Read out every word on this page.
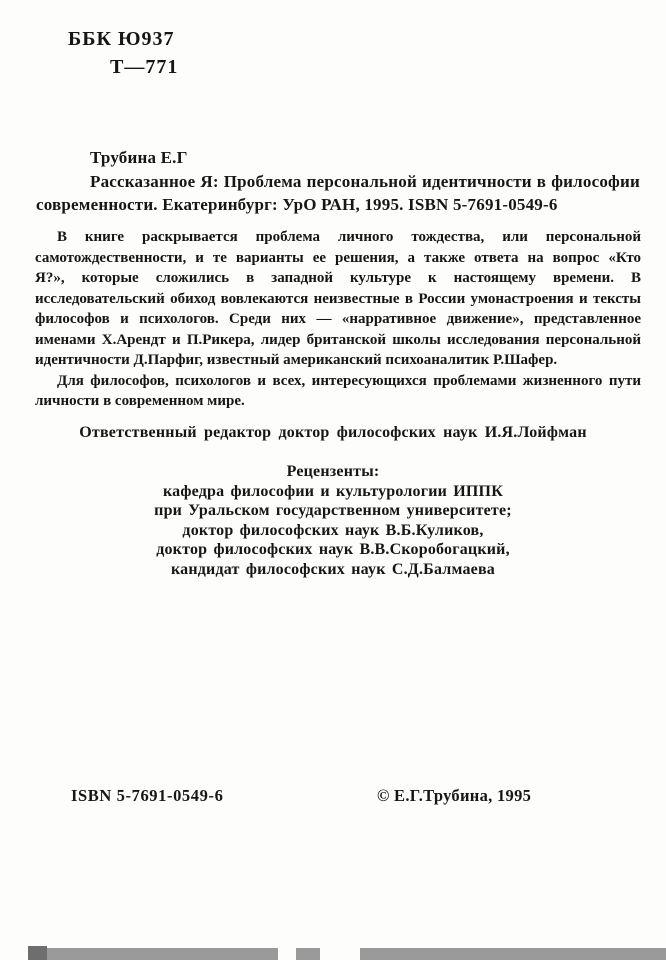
ББК Ю937
Т—771
Трубина Е.Г
Рассказанное Я: Проблема персональной идентичности в философии
современности. Екатеринбург: УрО РАН, 1995. ISBN 5-7691-0549-6
В книге раскрывается проблема личного тождества, или персональной
самотождественности, и те варианты ее решения, а также ответа на вопрос «Кто
Я?», которые сложились в западной культуре к настоящему времени. В
исследовательский обиход вовлекаются неизвестные в России умонастроения и тексты
философов и психологов. Среди них — «нарративное движение», представленное
именами Х.Арендт и П.Рикера, лидер британской школы исследования персональной
идентичности Д.Парфиг, известный американский психоаналитик Р.Шафер.
Для философов, психологов и всех, интересующихся проблемами жизненного пути
личности в современном мире.
Ответственный редактор доктор философских наук И.Я.Лойфман
Рецензенты:
кафедра философии и культурологии ИППК
при Уральском государственном университете;
доктор философских наук В.Б.Куликов,
доктор философских наук В.В.Скоробогацкий,
кандидат философских наук С.Д.Балмаева
ISBN 5-7691-0549-6	© Е.Г.Трубина, 1995
